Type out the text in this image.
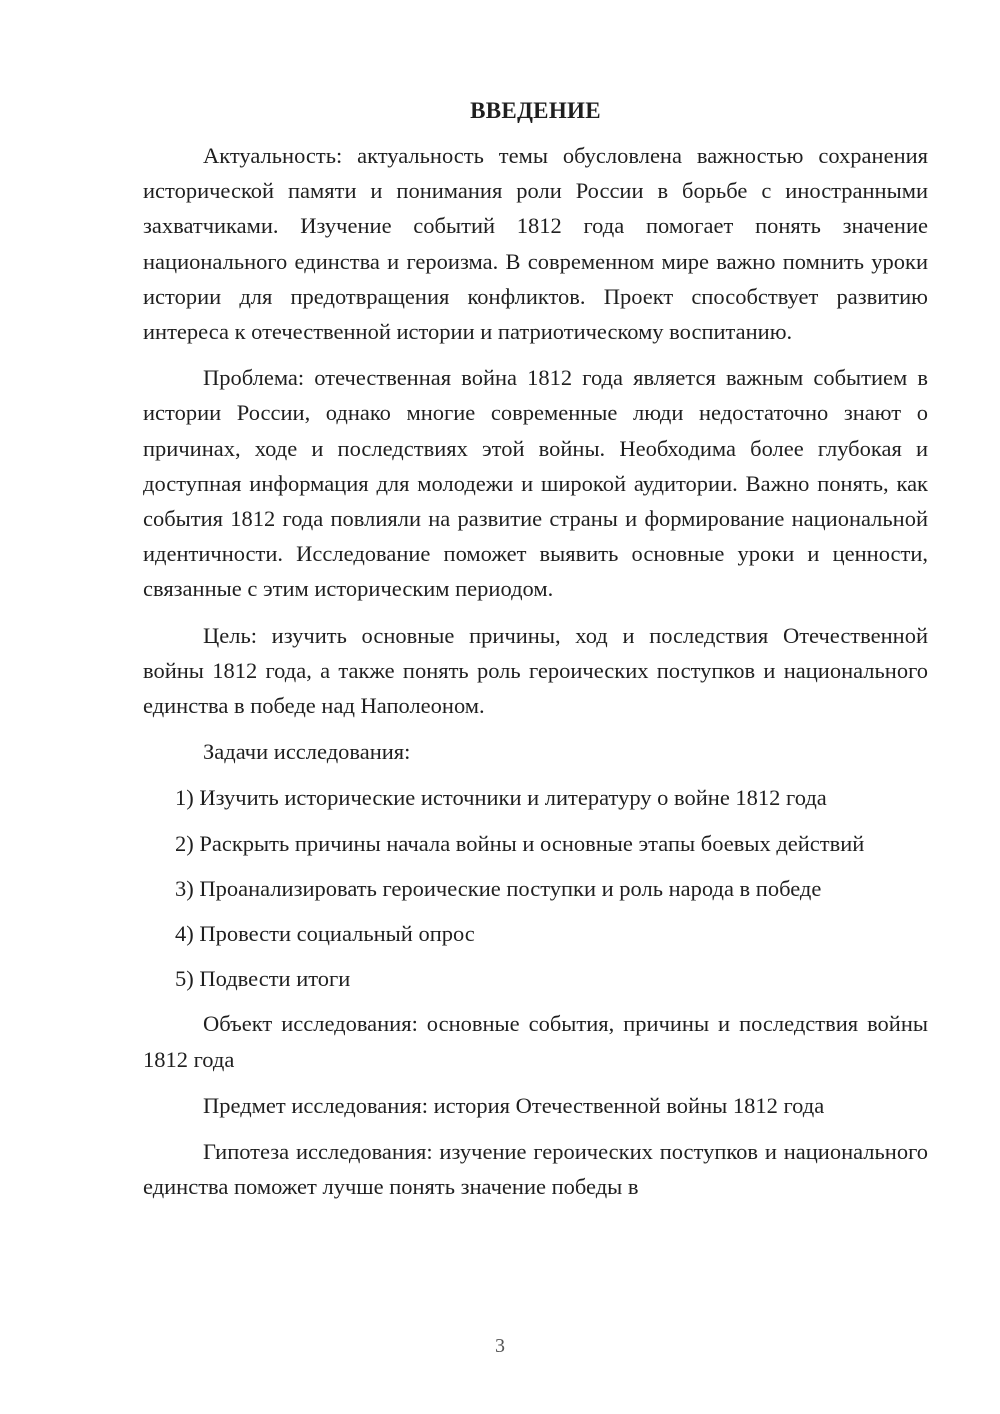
ВВЕДЕНИЕ

Актуальность: актуальность темы обусловлена важностью сохранения исторической памяти и понимания роли России в борьбе с иностранными захватчиками. Изучение событий 1812 года помогает понять значение национального единства и героизма. В современном мире важно помнить уроки истории для предотвращения конфликтов. Проект способствует развитию интереса к отечественной истории и патриотическому воспитанию.

Проблема: отечественная война 1812 года является важным событием в истории России, однако многие современные люди недостаточно знают о причинах, ходе и последствиях этой войны. Необходима более глубокая и доступная информация для молодежи и широкой аудитории. Важно понять, как события 1812 года повлияли на развитие страны и формирование национальной идентичности. Исследование поможет выявить основные уроки и ценности, связанные с этим историческим периодом.

Цель: изучить основные причины, ход и последствия Отечественной войны 1812 года, а также понять роль героических поступков и национального единства в победе над Наполеоном.

Задачи исследования:

1) Изучить исторические источники и литературу о войне 1812 года

2) Раскрыть причины начала войны и основные этапы боевых действий

3) Проанализировать героические поступки и роль народа в победе

4) Провести социальный опрос

5) Подвести итоги

Объект исследования: основные события, причины и последствия войны 1812 года

Предмет исследования: история Отечественной войны 1812 года

Гипотеза исследования: изучение героических поступков и национального единства поможет лучше понять значение победы в

3
